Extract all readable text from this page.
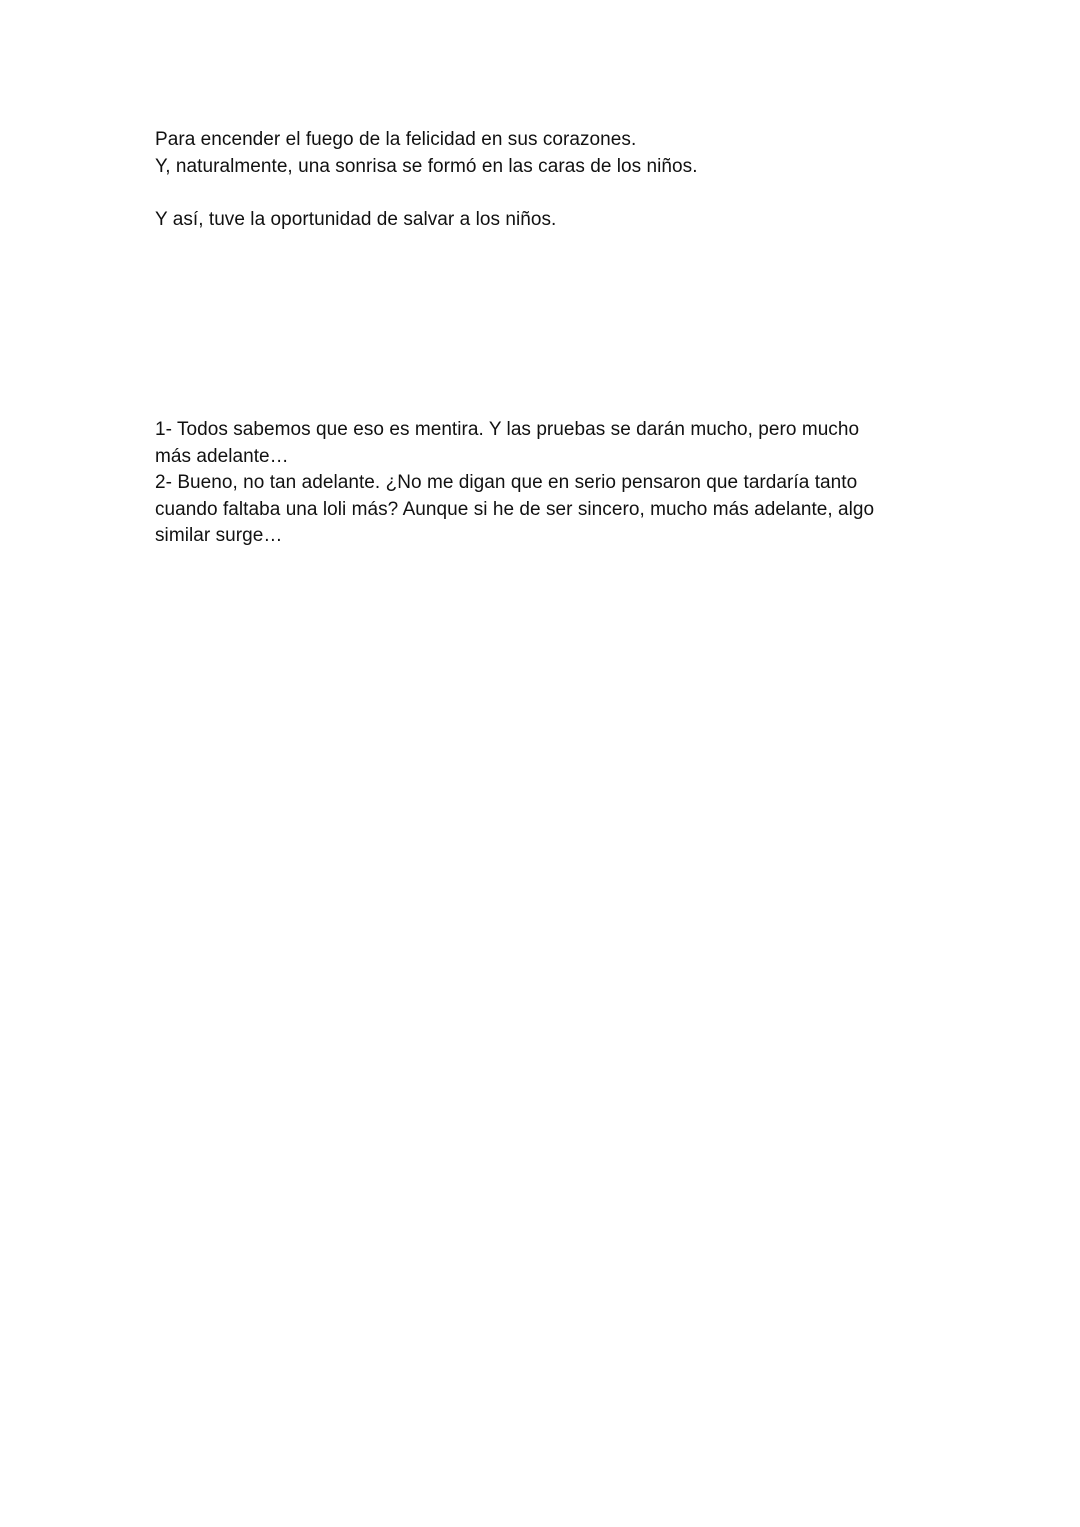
Para encender el fuego de la felicidad en sus corazones.
Y, naturalmente, una sonrisa se formó en las caras de los niños.
Y así, tuve la oportunidad de salvar a los niños.
1- Todos sabemos que eso es mentira. Y las pruebas se darán mucho, pero mucho
más adelante…
2- Bueno, no tan adelante. ¿No me digan que en serio pensaron que tardaría tanto
cuando faltaba una loli más? Aunque si he de ser sincero, mucho más adelante, algo
similar surge…
